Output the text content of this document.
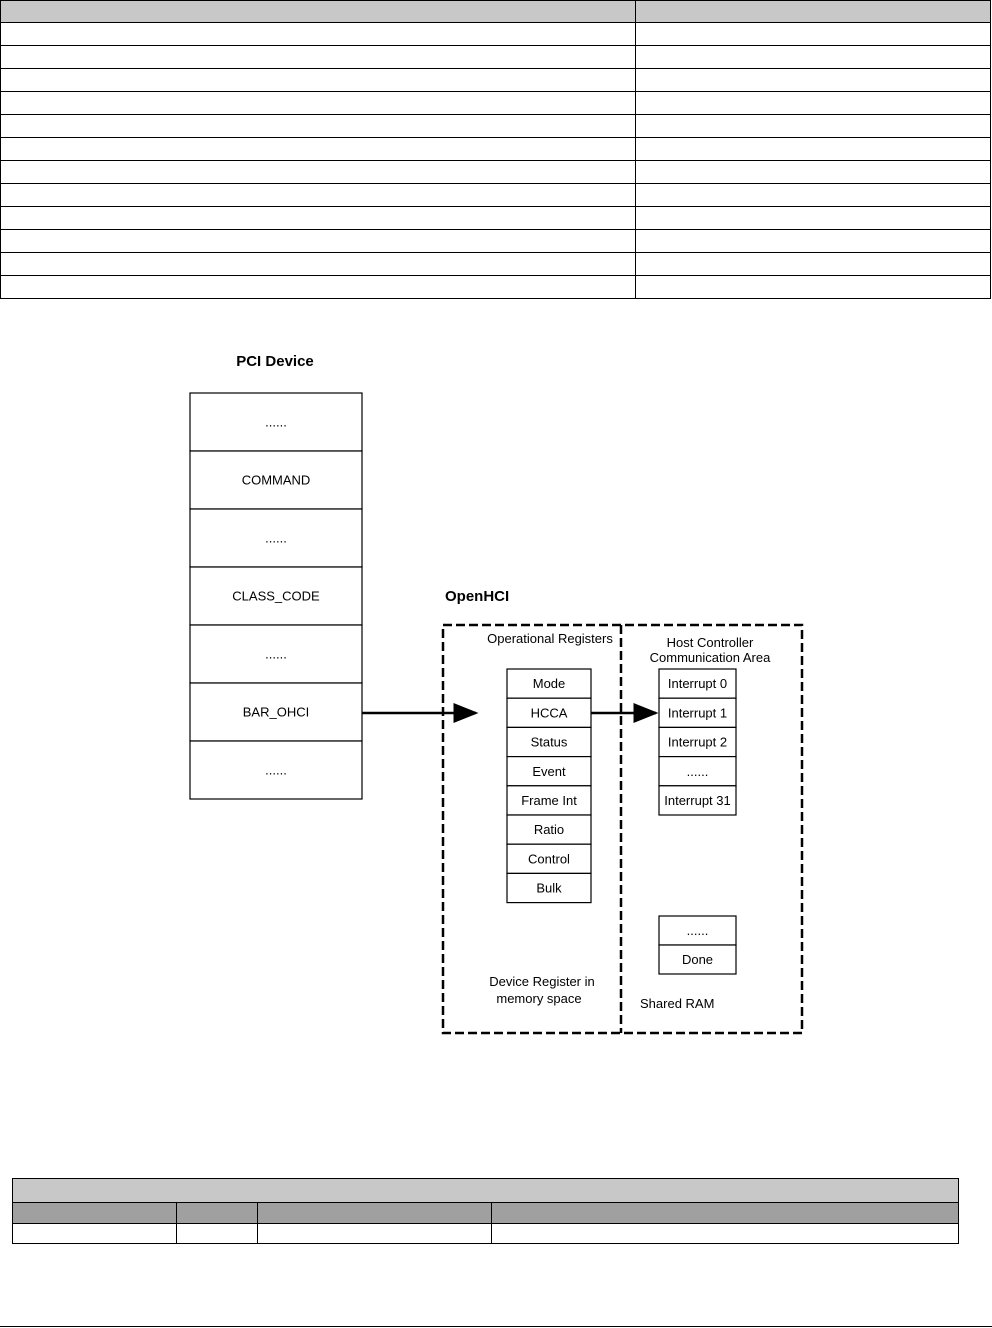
PCI Device
......
COMMAND
......
CLASS_CODE
......
BAR_OHCI
......
OpenHCI
Operational Registers	Host Controller
Communication Area
Mode
HCCA
Status
Event
Frame Int
Ratio
Control
Bulk
Interrupt 0
Interrupt 1
Interrupt 2
......
Interrupt 31
......
Done
Device Register in
memory space	Shared RAM
